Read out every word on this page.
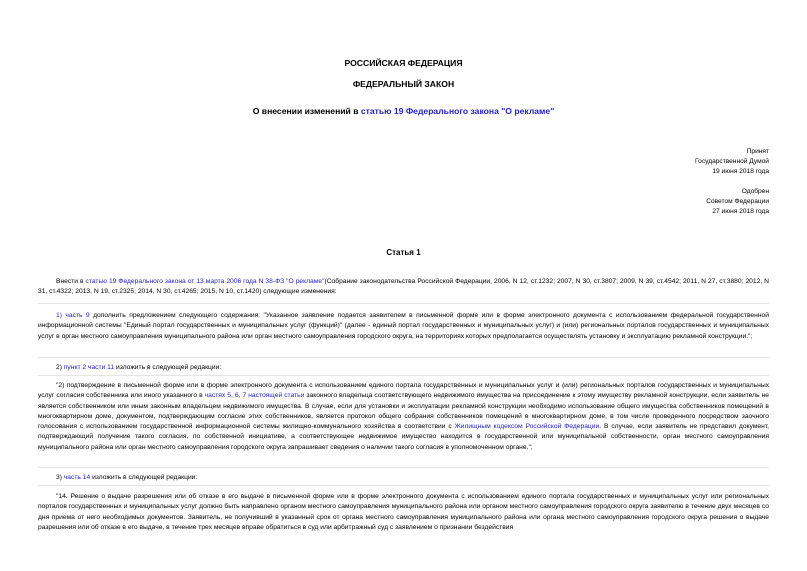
РОССИЙСКАЯ ФЕДЕРАЦИЯ
ФЕДЕРАЛЬНЫЙ ЗАКОН
О внесении изменений в статью 19 Федерального закона "О рекламе"
Принят
Государственной Думой
19 июня 2018 года
Одобрен
Советом Федерации
27 июня 2018 года
Статья 1
Внести в статью 19 Федерального закона от 13 марта 2006 года N 38-ФЗ "О рекламе"(Собрание законодательства Российской Федерации, 2006, N 12, ст.1232; 2007, N 30, ст.3807; 2009, N 39, ст.4542; 2011, N 27, ст.3880; 2012, N 31, ст.4322; 2013, N 19, ст.2325; 2014, N 30, ст.4265; 2015, N 10, ст.1420) следующие изменения:
1) часть 9 дополнить предложением следующего содержания: "Указанное заявление подается заявителем в письменной форме или в форме электронного документа с использованием федеральной государственной информационной системы "Единый портал государственных и муниципальных услуг (функций)" (далее - единый портал государственных и муниципальных услуг) и (или) региональных порталов государственных и муниципальных услуг в орган местного самоуправления муниципального района или орган местного самоуправления городского округа, на территориях которых предполагается осуществлять установку и эксплуатацию рекламной конструкции.";
2) пункт 2 части 11 изложить в следующей редакции:
"2) подтверждение в письменной форме или в форме электронного документа с использованием единого портала государственных и муниципальных услуг и (или) региональных порталов государственных и муниципальных услуг согласия собственника или иного указанного в частях 5, 6, 7 настоящей статьи законного владельца соответствующего недвижимого имущества на присоединение к этому имуществу рекламной конструкции, если заявитель не является собственником или иным законным владельцем недвижимого имущества. В случае, если для установки и эксплуатации рекламной конструкции необходимо использование общего имущества собственников помещений в многоквартирном доме, документом, подтверждающим согласие этих собственников, является протокол общего собрания собственников помещений в многоквартирном доме, в том числе проведенного посредством заочного голосования с использованием государственной информационной системы жилищно-коммунального хозяйства в соответствии с Жилищным кодексом Российской Федерации. В случае, если заявитель не представил документ, подтверждающий получение такого согласия, по собственной инициативе, а соответствующее недвижимое имущество находится в государственной или муниципальной собственности, орган местного самоуправления муниципального района или орган местного самоуправления городского округа запрашивает сведения о наличии такого согласия в уполномоченном органе.";
3) часть 14 изложить в следующей редакции:
"14. Решение о выдаче разрешения или об отказе в его выдаче в письменной форме или в форме электронного документа с использованием единого портала государственных и муниципальных услуг или региональных порталов государственных и муниципальных услуг должно быть направлено органом местного самоуправления муниципального района или органом местного самоуправления городского округа заявителю в течение двух месяцев со дня приема от него необходимых документов. Заявитель, не получивший в указанный срок от органа местного самоуправления муниципального района или органа местного самоуправления городского округа решения о выдаче разрешения или об отказе в его выдаче, в течение трех месяцев вправе обратиться в суд или арбитражный суд с заявлением о признании бездействия
